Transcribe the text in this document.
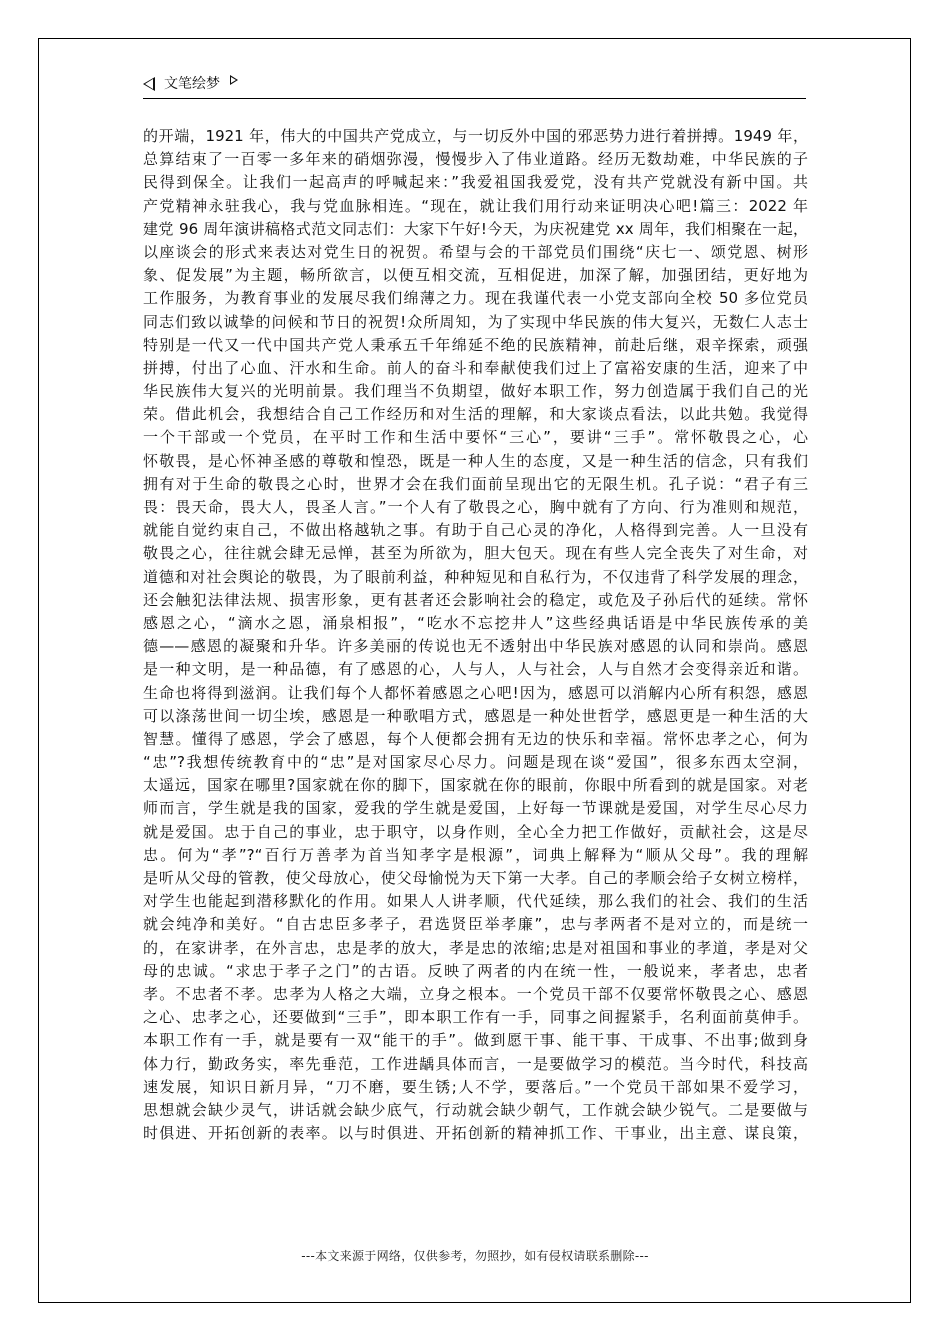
文笔绘梦
的开端，1921 年，伟大的中国共产党成立，与一切反外中国的邪恶势力进行着拼搏。1949 年，
总算结束了一百零一多年来的硝烟弥漫，慢慢步入了伟业道路。经历无数劫难，中华民族的子
民得到保全。让我们一起高声的呼喊起来：”我爱祖国我爱党，没有共产党就没有新中国。共
产党精神永驻我心，我与党血脉相连。“现在，就让我们用行动来证明决心吧!篇三：2022 年
建党 96 周年演讲稿格式范文同志们：大家下午好!今天，为庆祝建党 xx 周年，我们相聚在一起，
以座谈会的形式来表达对党生日的祝贺。希望与会的干部党员们围绕“庆七一、颂党恩、树形
象、促发展”为主题，畅所欲言，以便互相交流，互相促进，加深了解，加强团结，更好地为
工作服务，为教育事业的发展尽我们绵薄之力。现在我谨代表一小党支部向全校 50 多位党员
同志们致以诚挚的问候和节日的祝贺!众所周知，为了实现中华民族的伟大复兴，无数仁人志士
特别是一代又一代中国共产党人秉承五千年绵延不绝的民族精神，前赴后继，艰辛探索，顽强
拼搏，付出了心血、汗水和生命。前人的奋斗和奉献使我们过上了富裕安康的生活，迎来了中
华民族伟大复兴的光明前景。我们理当不负期望，做好本职工作，努力创造属于我们自己的光
荣。借此机会，我想结合自己工作经历和对生活的理解，和大家谈点看法，以此共勉。我觉得
一个干部或一个党员，在平时工作和生活中要怀“三心”，要讲“三手”。常怀敬畏之心，心
怀敬畏，是心怀神圣感的尊敬和惶恐，既是一种人生的态度，又是一种生活的信念，只有我们
拥有对于生命的敬畏之心时，世界才会在我们面前呈现出它的无限生机。孔子说：“君子有三
畏：畏天命，畏大人，畏圣人言。”一个人有了敬畏之心，胸中就有了方向、行为准则和规范，
就能自觉约束自己，不做出格越轨之事。有助于自己心灵的净化，人格得到完善。人一旦没有
敬畏之心，往往就会肆无忌惮，甚至为所欲为，胆大包天。现在有些人完全丧失了对生命，对
道德和对社会舆论的敬畏，为了眼前利益，种种短见和自私行为，不仅违背了科学发展的理念，
还会触犯法律法规、损害形象，更有甚者还会影响社会的稳定，或危及子孙后代的延续。常怀
感恩之心，“滴水之恩，涌泉相报”，“吃水不忘挖井人”这些经典话语是中华民族传承的美
德——感恩的凝聚和升华。许多美丽的传说也无不透射出中华民族对感恩的认同和崇尚。感恩
是一种文明，是一种品德，有了感恩的心，人与人，人与社会，人与自然才会变得亲近和谐。
生命也将得到滋润。让我们每个人都怀着感恩之心吧!因为，感恩可以消解内心所有积怨，感恩
可以涤荡世间一切尘埃，感恩是一种歌唱方式，感恩是一种处世哲学，感恩更是一种生活的大
智慧。懂得了感恩，学会了感恩，每个人便都会拥有无边的快乐和幸福。常怀忠孝之心，何为
“忠”?我想传统教育中的“忠”是对国家尽心尽力。问题是现在谈“爱国”，很多东西太空洞，
太遥远，国家在哪里?国家就在你的脚下，国家就在你的眼前，你眼中所看到的就是国家。对老
师而言，学生就是我的国家，爱我的学生就是爱国，上好每一节课就是爱国，对学生尽心尽力
就是爱国。忠于自己的事业，忠于职守，以身作则，全心全力把工作做好，贡献社会，这是尽
忠。何为“孝”?“百行万善孝为首当知孝字是根源”，词典上解释为“顺从父母”。我的理解
是听从父母的管教，使父母放心，使父母愉悦为天下第一大孝。自己的孝顺会给子女树立榜样，
对学生也能起到潜移默化的作用。如果人人讲孝顺，代代延续，那么我们的社会、我们的生活
就会纯净和美好。“自古忠臣多孝子，君选贤臣举孝廉”，忠与孝两者不是对立的，而是统一
的，在家讲孝，在外言忠，忠是孝的放大，孝是忠的浓缩;忠是对祖国和事业的孝道，孝是对父
母的忠诚。“求忠于孝子之门”的古语。反映了两者的内在统一性，一般说来，孝者忠，忠者
孝。不忠者不孝。忠孝为人格之大端，立身之根本。一个党员干部不仅要常怀敬畏之心、感恩
之心、忠孝之心，还要做到“三手”，即本职工作有一手，同事之间握紧手，名利面前莫伸手。
本职工作有一手，就是要有一双“能干的手”。做到愿干事、能干事、干成事、不出事;做到身
体力行，勤政务实，率先垂范，工作进龋具体而言，一是要做学习的模范。当今时代，科技高
速发展，知识日新月异，“刀不磨，要生锈;人不学，要落后。”一个党员干部如果不爱学习，
思想就会缺少灵气，讲话就会缺少底气，行动就会缺少朝气，工作就会缺少锐气。二是要做与
时俱进、开拓创新的表率。以与时俱进、开拓创新的精神抓工作、干事业，出主意、谋良策，
---本文来源于网络，仅供参考，勿照抄，如有侵权请联系删除---
